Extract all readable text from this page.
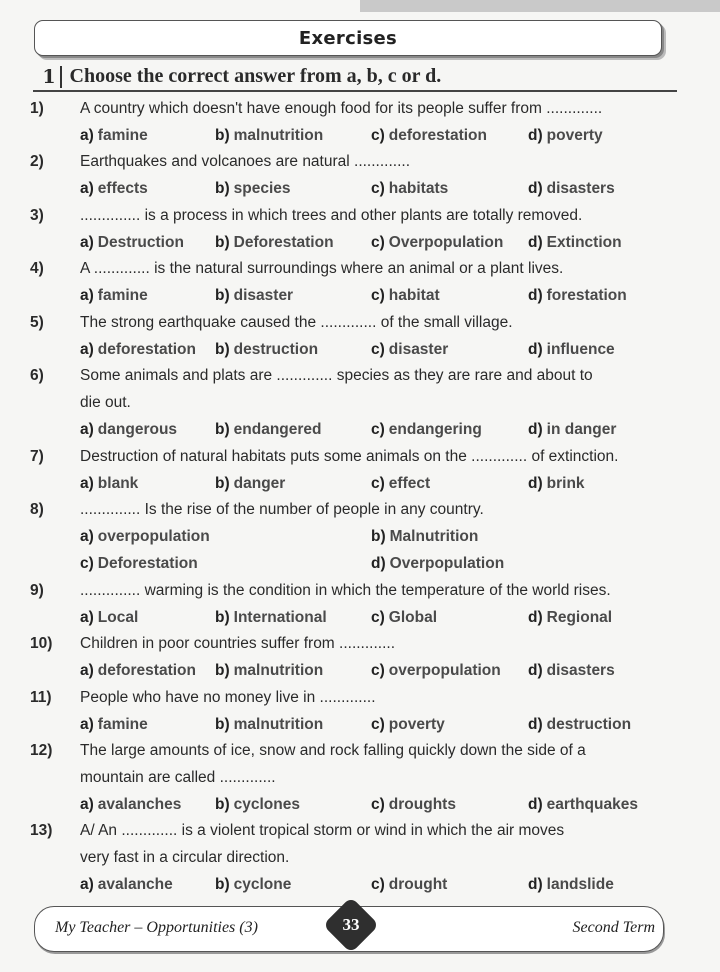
Exercises
1 Choose the correct answer from a, b, c or d.
1)	A country which doesn't have enough food for its people suffer from .............
a) famine	b) malnutrition	c) deforestation	d) poverty
2)	Earthquakes and volcanoes are natural .............
a) effects	b) species	c) habitats	d) disasters
3)	.............. is a process in which trees and other plants are totally removed.
a) Destruction b) Deforestation c) Overpopulation d) Extinction
4)	A ............. is the natural surroundings where an animal or a plant lives.
a) famine	b) disaster	c) habitat	d) forestation
5)	The strong earthquake caused the ............. of the small village.
a) deforestation b) destruction	c) disaster	d) influence
6)	Some animals and plats are ............. species as they are rare and about to
die out.
a) dangerous b) endangered	c) endangering	d) in danger
7)	Destruction of natural habitats puts some animals on the ............. of extinction.
a) blank	b) danger	c) effect	d) brink
8)	.............. Is the rise of the number of people in any country.
a) overpopulation	b) Malnutrition
c) Deforestation	d) Overpopulation
9)	.............. warming is the condition in which the temperature of the world rises.
a) Local	b) International	c) Global	d) Regional
10)	Children in poor countries suffer from .............
a) deforestation b) malnutrition	c) overpopulation d) disasters
11)	People who have no money live in .............
a) famine	b) malnutrition	c) poverty	d) destruction
12)	The large amounts of ice, snow and rock falling quickly down the side of a
mountain are called .............
a) avalanches b) cyclones	c) droughts	d) earthquakes
13)	A/ An ............. is a violent tropical storm or wind in which the air moves
very fast in a circular direction.
a) avalanche	b) cyclone	c) drought	d) landslide
My Teacher – Opportunities (3)	33	Second Term
